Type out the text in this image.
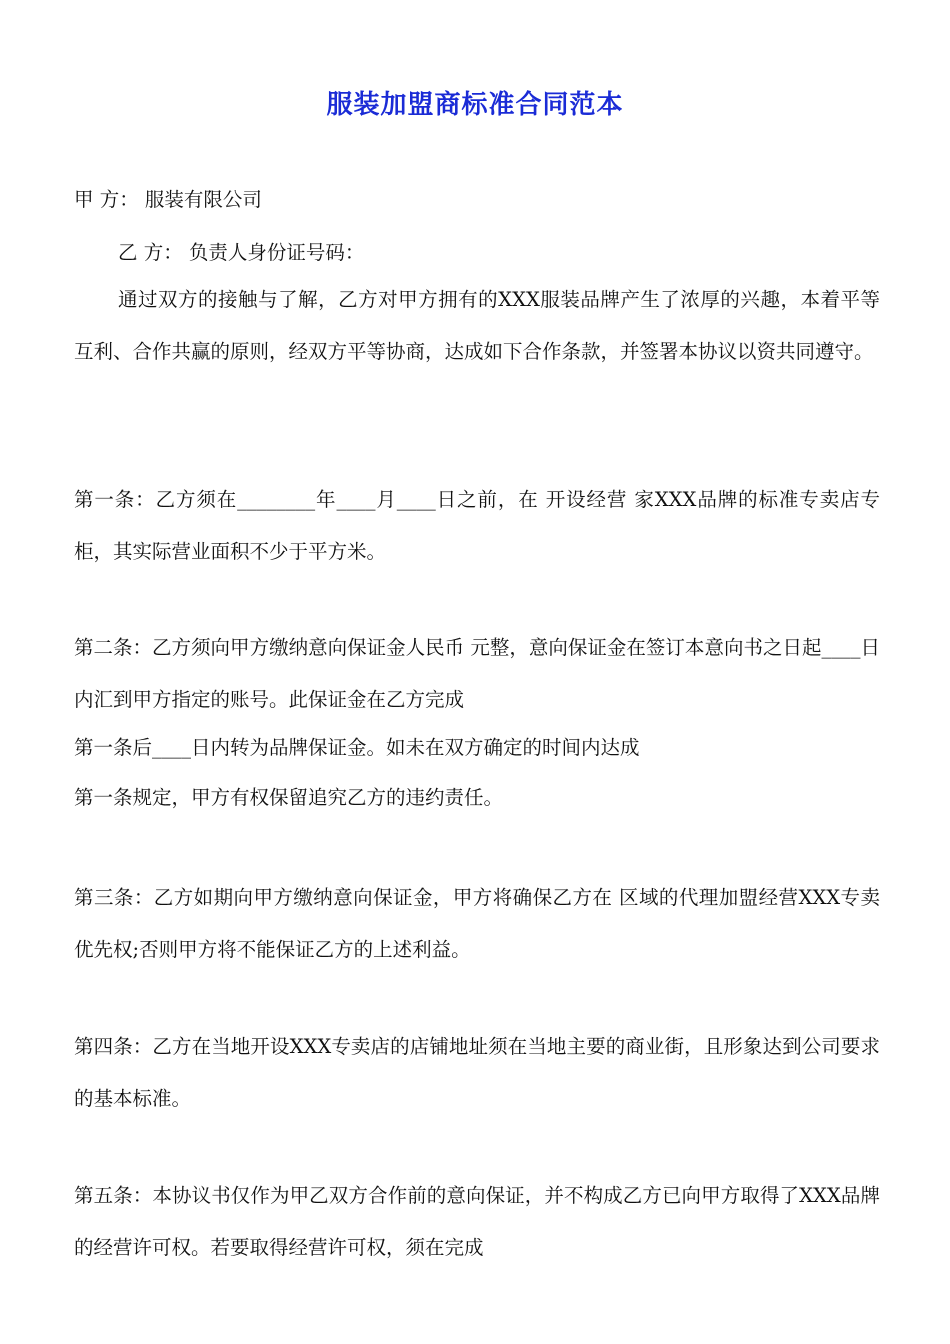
服装加盟商标准合同范本
甲 方： 服装有限公司
乙 方： 负责人身份证号码：
通过双方的接触与了解，乙方对甲方拥有的XXX服装品牌产生了浓厚的兴趣，本着平等互利、合作共赢的原则，经双方平等协商，达成如下合作条款，并签署本协议以资共同遵守。
第一条：乙方须在________年____月____日之前，在 开设经营 家XXX品牌的标准专卖店专柜，其实际营业面积不少于平方米。
第二条：乙方须向甲方缴纳意向保证金人民币 元整，意向保证金在签订本意向书之日起____日内汇到甲方指定的账号。此保证金在乙方完成
第一条后____日内转为品牌保证金。如未在双方确定的时间内达成
第一条规定，甲方有权保留追究乙方的违约责任。
第三条：乙方如期向甲方缴纳意向保证金，甲方将确保乙方在 区域的代理加盟经营XXX专卖优先权;否则甲方将不能保证乙方的上述利益。
第四条：乙方在当地开设XXX专卖店的店铺地址须在当地主要的商业街，且形象达到公司要求的基本标准。
第五条：本协议书仅作为甲乙双方合作前的意向保证，并不构成乙方已向甲方取得了XXX品牌的经营许可权。若要取得经营许可权，须在完成
